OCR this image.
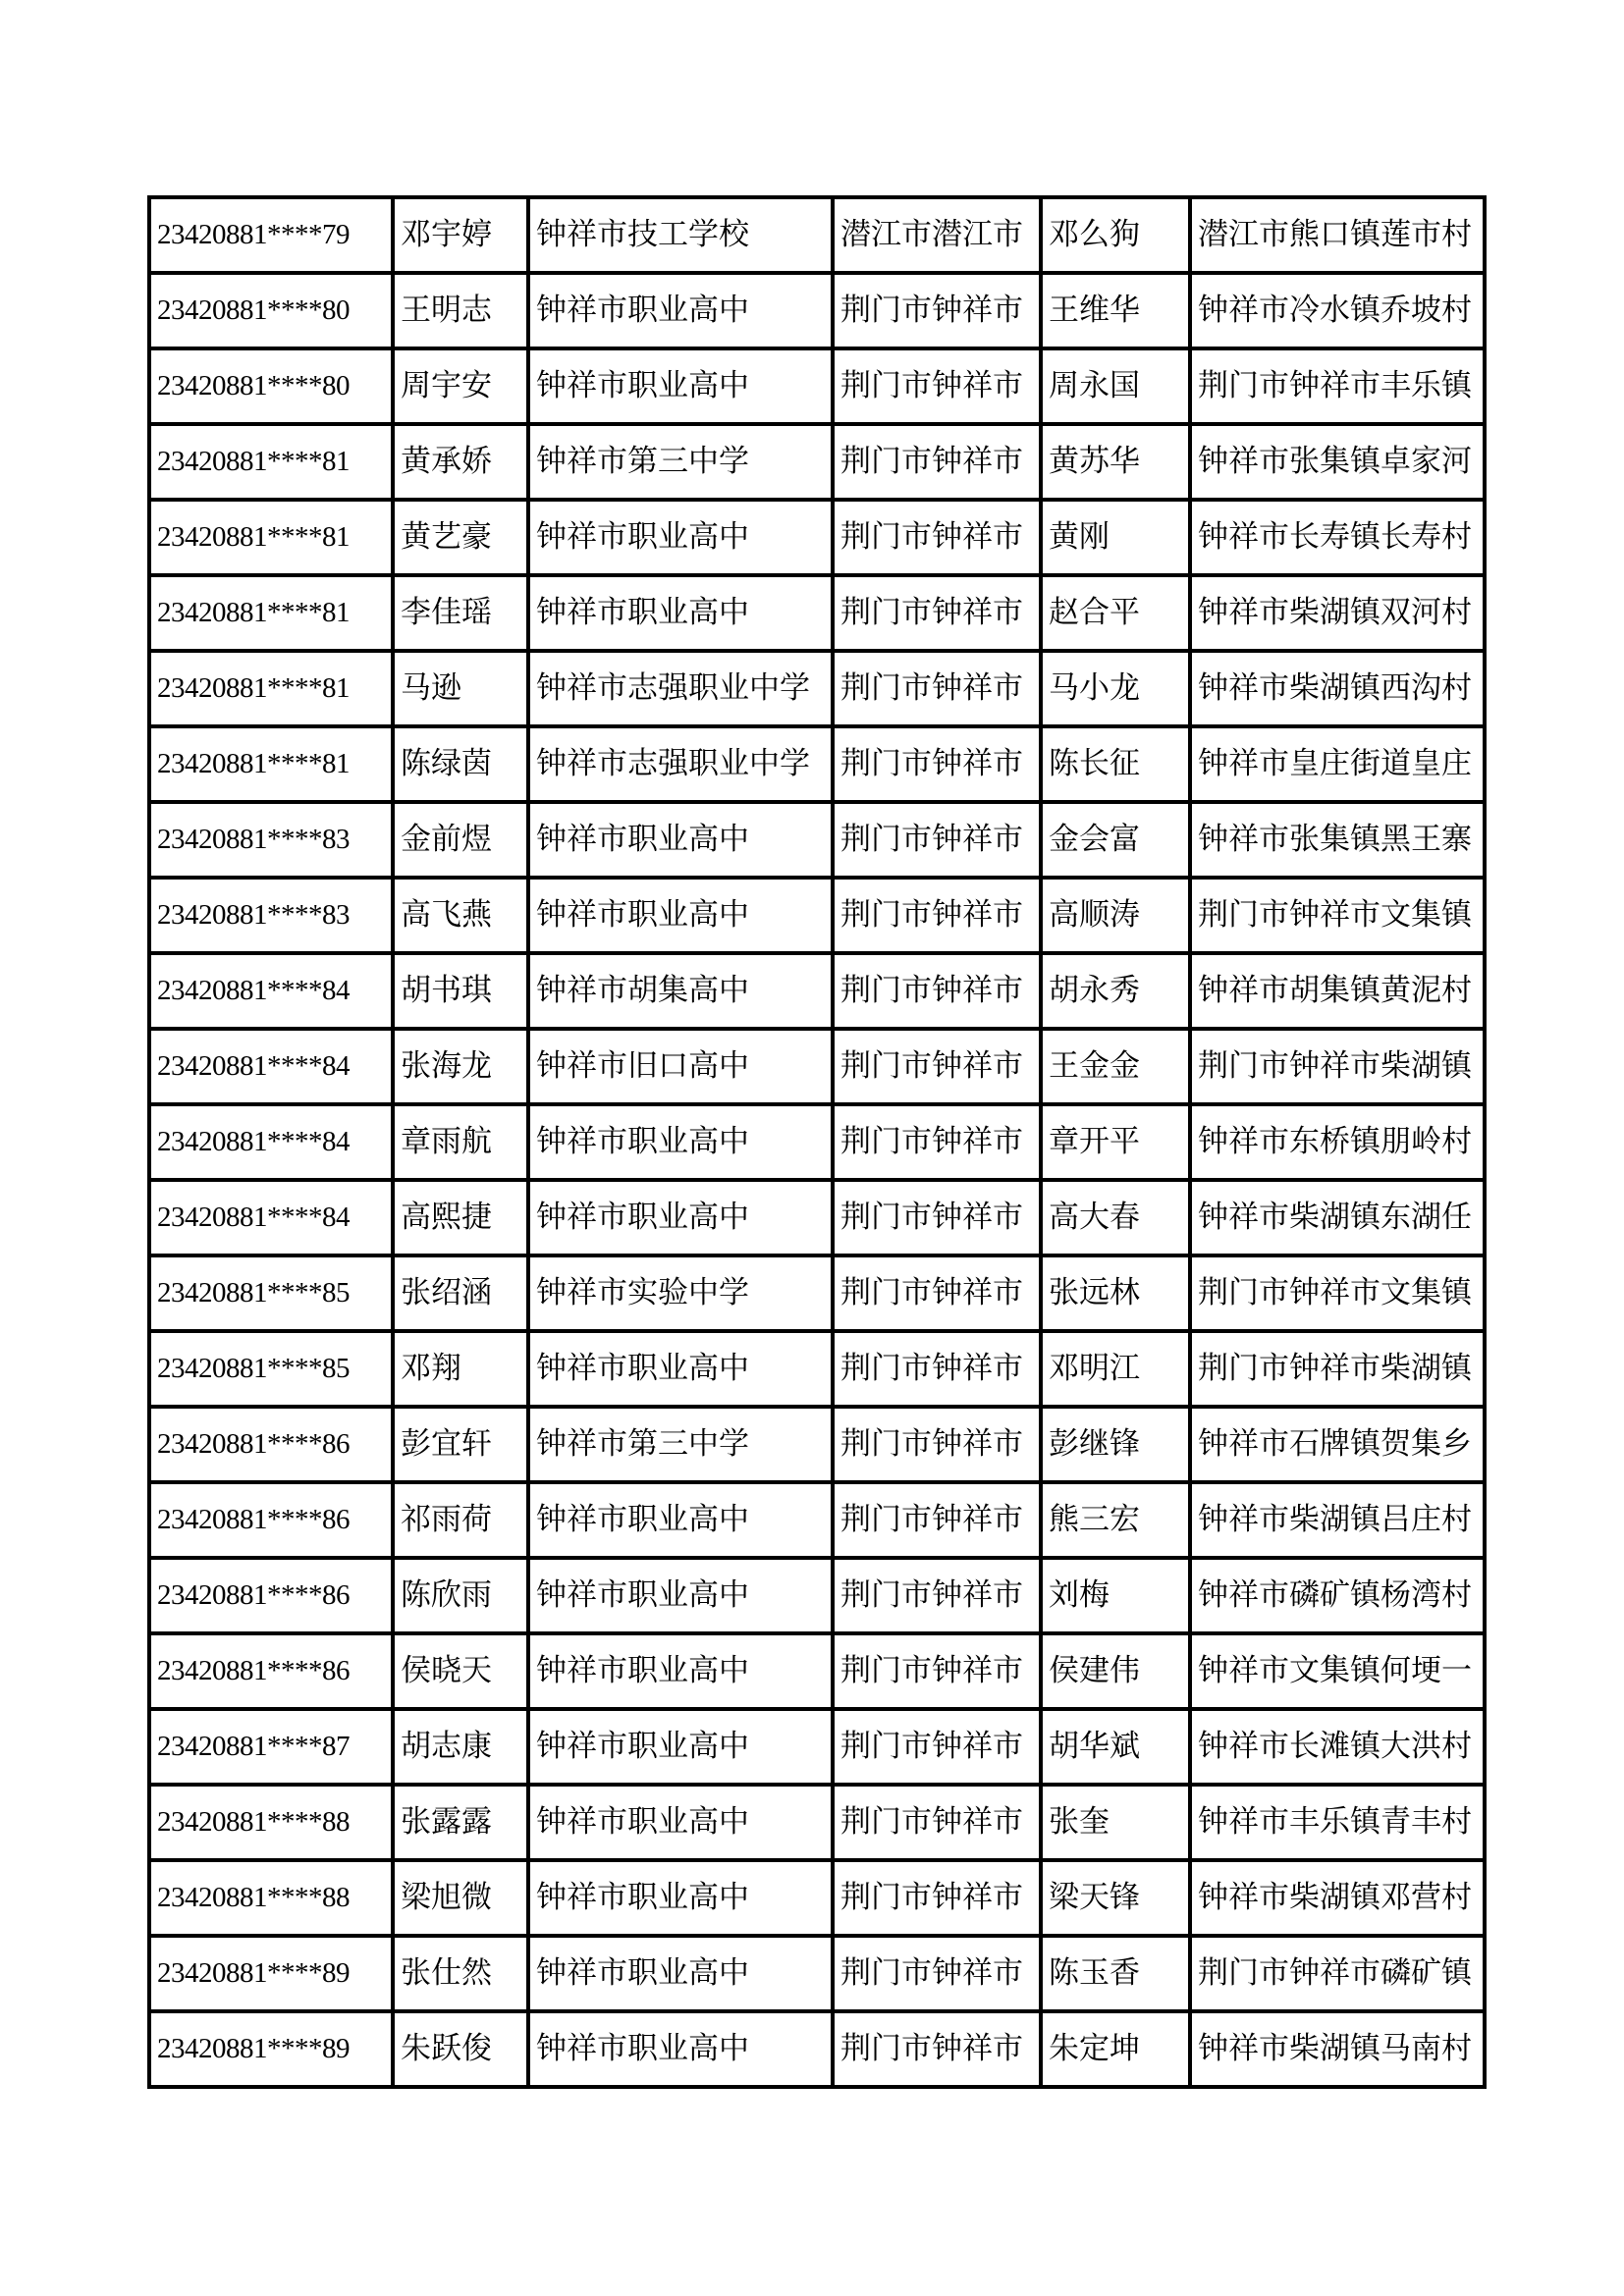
23420881****79	邓宇婷	钟祥市技工学校	潜江市潜江市	邓么狗	潜江市熊口镇莲市村
23420881****80	王明志	钟祥市职业高中	荆门市钟祥市	王维华	钟祥市冷水镇乔坡村
23420881****80	周宇安	钟祥市职业高中	荆门市钟祥市	周永国	荆门市钟祥市丰乐镇
23420881****81	黄承娇	钟祥市第三中学	荆门市钟祥市	黄苏华	钟祥市张集镇卓家河
23420881****81	黄艺豪	钟祥市职业高中	荆门市钟祥市	黄刚	钟祥市长寿镇长寿村
23420881****81	李佳瑶	钟祥市职业高中	荆门市钟祥市	赵合平	钟祥市柴湖镇双河村
23420881****81	马逊	钟祥市志强职业中学	荆门市钟祥市	马小龙	钟祥市柴湖镇西沟村
23420881****81	陈绿茵	钟祥市志强职业中学	荆门市钟祥市	陈长征	钟祥市皇庄街道皇庄
23420881****83	金前煜	钟祥市职业高中	荆门市钟祥市	金会富	钟祥市张集镇黑王寨
23420881****83	高飞燕	钟祥市职业高中	荆门市钟祥市	高顺涛	荆门市钟祥市文集镇
23420881****84	胡书琪	钟祥市胡集高中	荆门市钟祥市	胡永秀	钟祥市胡集镇黄泥村
23420881****84	张海龙	钟祥市旧口高中	荆门市钟祥市	王金金	荆门市钟祥市柴湖镇
23420881****84	章雨航	钟祥市职业高中	荆门市钟祥市	章开平	钟祥市东桥镇朋岭村
23420881****84	高熙捷	钟祥市职业高中	荆门市钟祥市	高大春	钟祥市柴湖镇东湖任
23420881****85	张绍涵	钟祥市实验中学	荆门市钟祥市	张远林	荆门市钟祥市文集镇
23420881****85	邓翔	钟祥市职业高中	荆门市钟祥市	邓明江	荆门市钟祥市柴湖镇
23420881****86	彭宜轩	钟祥市第三中学	荆门市钟祥市	彭继锋	钟祥市石牌镇贺集乡
23420881****86	祁雨荷	钟祥市职业高中	荆门市钟祥市	熊三宏	钟祥市柴湖镇吕庄村
23420881****86	陈欣雨	钟祥市职业高中	荆门市钟祥市	刘梅	钟祥市磷矿镇杨湾村
23420881****86	侯晓天	钟祥市职业高中	荆门市钟祥市	侯建伟	钟祥市文集镇何埂一
23420881****87	胡志康	钟祥市职业高中	荆门市钟祥市	胡华斌	钟祥市长滩镇大洪村
23420881****88	张露露	钟祥市职业高中	荆门市钟祥市	张奎	钟祥市丰乐镇青丰村
23420881****88	梁旭微	钟祥市职业高中	荆门市钟祥市	梁天锋	钟祥市柴湖镇邓营村
23420881****89	张仕然	钟祥市职业高中	荆门市钟祥市	陈玉香	荆门市钟祥市磷矿镇
23420881****89	朱跃俊	钟祥市职业高中	荆门市钟祥市	朱定坤	钟祥市柴湖镇马南村
